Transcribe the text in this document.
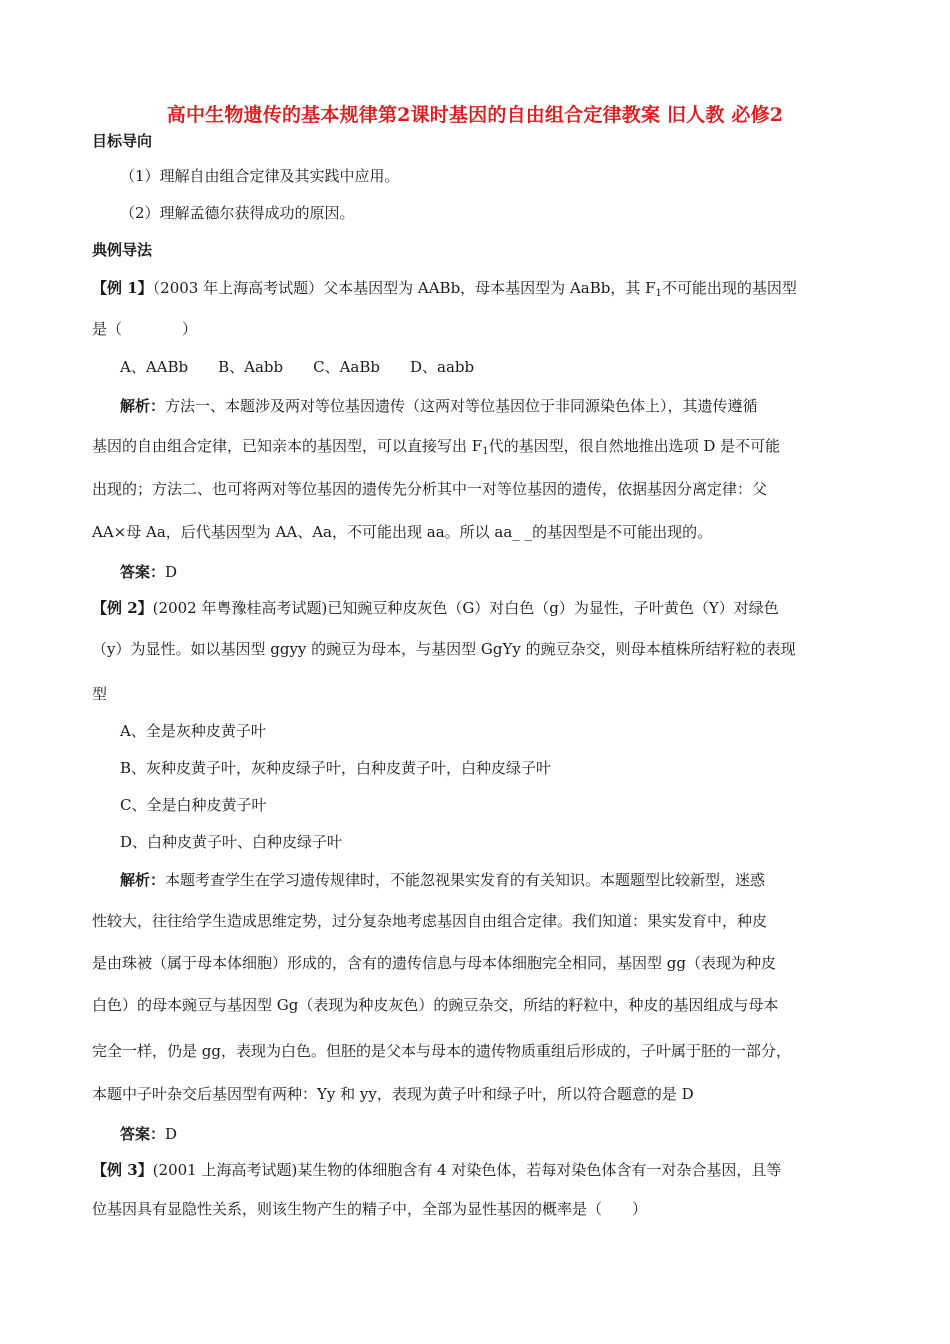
高中生物遗传的基本规律第2课时基因的自由组合定律教案 旧人教 必修2
目标导向
（1）理解自由组合定律及其实践中应用。
（2）理解孟德尔获得成功的原因。
典例导法
【例 1】（2003 年上海高考试题）父本基因型为 AABb，母本基因型为 AaBb，其 $F_1$不可能出现的基因型
是（	）
A、AABb　　B、Aabb　　C、AaBb　　D、aabb
解析：方法一、本题涉及两对等位基因遗传（这两对等位基因位于非同源染色体上），其遗传遵循
基因的自由组合定律，已知亲本的基因型，可以直接写出 $F_1$代的基因型，很自然地推出选项 D 是不可能
出现的；方法二、也可将两对等位基因的遗传先分析其中一对等位基因的遗传，依据基因分离定律：父
AA×母 Aa，后代基因型为 AA、Aa，不可能出现 aa。所以 aa_ _的基因型是不可能出现的。
答案：D
【例 2】(2002 年粤豫桂高考试题)已知豌豆种皮灰色（G）对白色（g）为显性，子叶黄色（Y）对绿色
（y）为显性。如以基因型 ggyy 的豌豆为母本，与基因型 GgYy 的豌豆杂交，则母本植株所结籽粒的表现
型
A、全是灰种皮黄子叶
B、灰种皮黄子叶，灰种皮绿子叶，白种皮黄子叶，白种皮绿子叶
C、全是白种皮黄子叶
D、白种皮黄子叶、白种皮绿子叶
解析：本题考查学生在学习遗传规律时，不能忽视果实发育的有关知识。本题题型比较新型，迷惑
性较大，往往给学生造成思维定势，过分复杂地考虑基因自由组合定律。我们知道：果实发育中，种皮
是由珠被（属于母本体细胞）形成的，含有的遗传信息与母本体细胞完全相同，基因型 gg（表现为种皮
白色）的母本豌豆与基因型 Gg（表现为种皮灰色）的豌豆杂交，所结的籽粒中，种皮的基因组成与母本
完全一样，仍是 gg，表现为白色。但胚的是父本与母本的遗传物质重组后形成的，子叶属于胚的一部分，
本题中子叶杂交后基因型有两种：Yy 和 yy，表现为黄子叶和绿子叶，所以符合题意的是 D
答案：D
【例 3】(2001 上海高考试题)某生物的体细胞含有 4 对染色体，若每对染色体含有一对杂合基因，且等
位基因具有显隐性关系，则该生物产生的精子中，全部为显性基因的概率是（　　）
